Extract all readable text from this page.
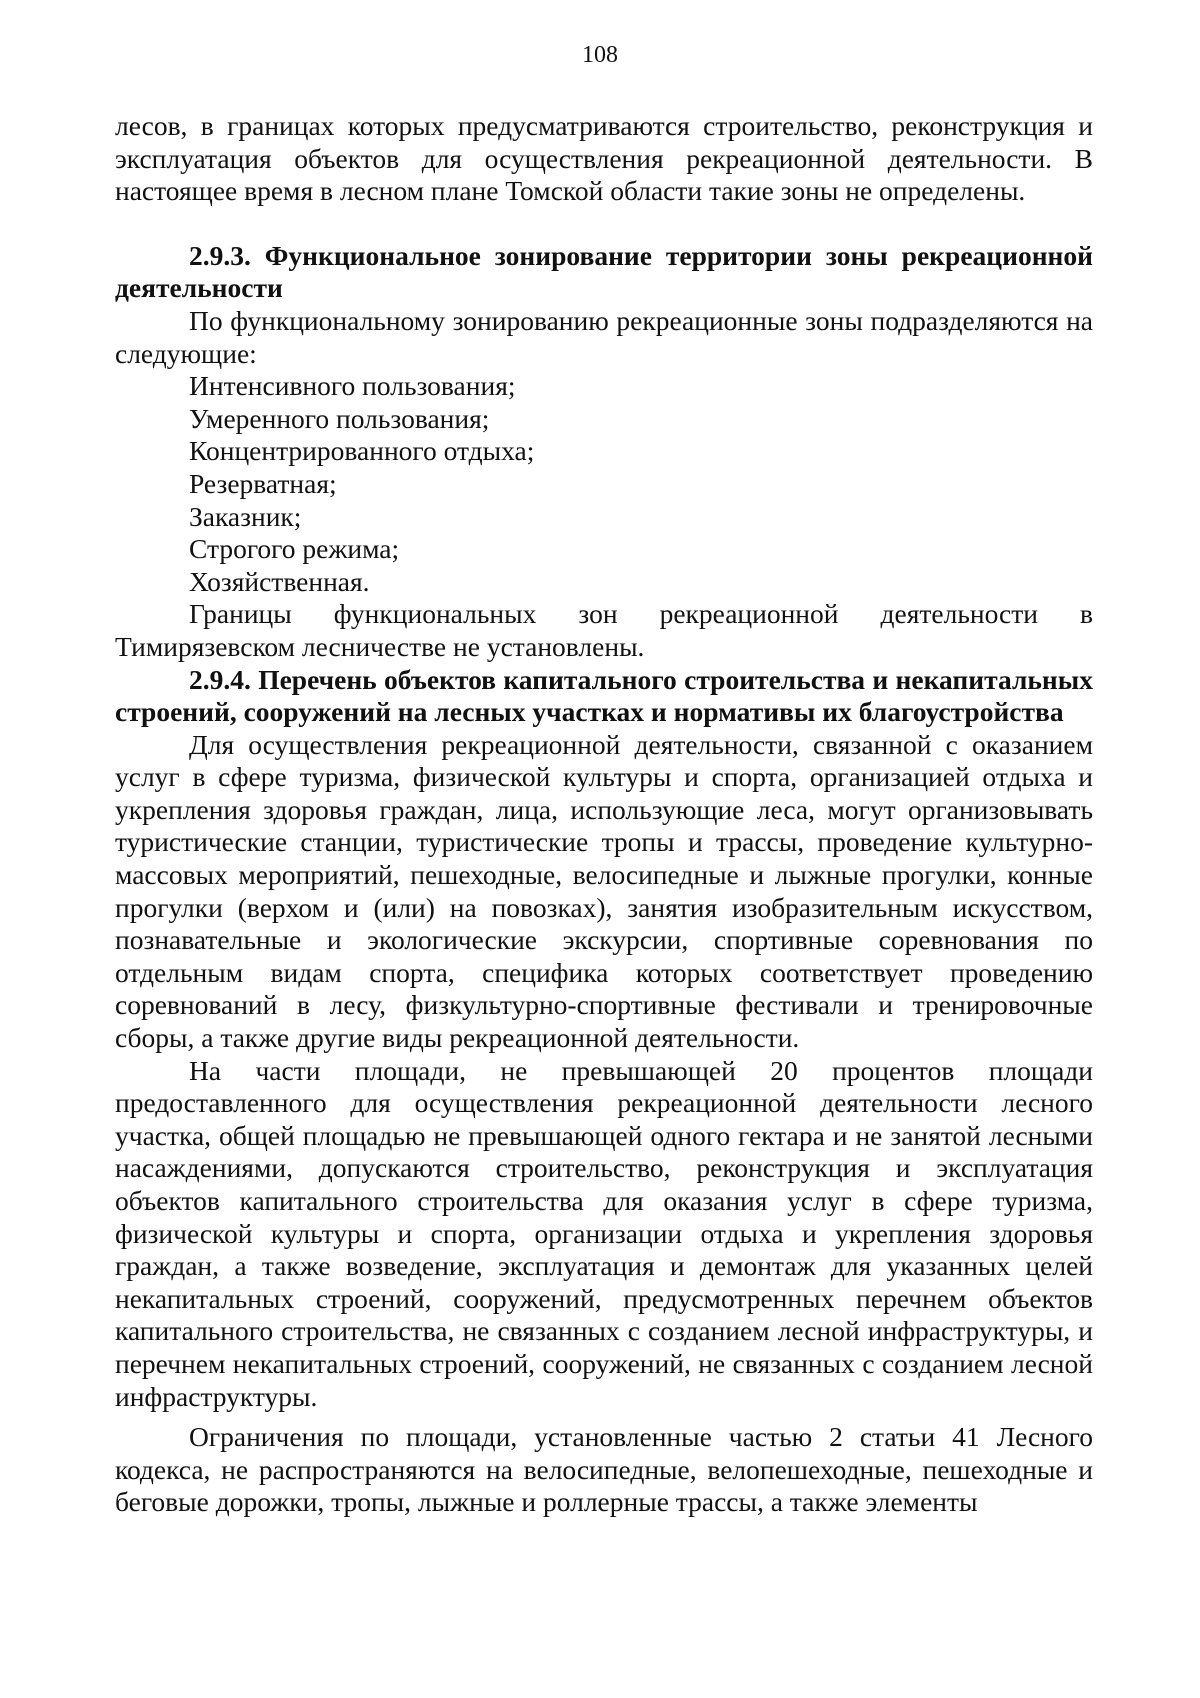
108

лесов, в границах которых предусматриваются строительство, реконструкция и эксплуатация объектов для осуществления рекреационной деятельности. В настоящее время в лесном плане Томской области такие зоны не определены.

2.9.3. Функциональное зонирование территории зоны рекреационной деятельности

По функциональному зонированию рекреационные зоны подразделяются на следующие:

Интенсивного пользования;
Умеренного пользования;
Концентрированного отдыха;
Резерватная;
Заказник;
Строгого режима;
Хозяйственная.

Границы функциональных зон рекреационной деятельности в Тимирязевском лесничестве не установлены.

2.9.4. Перечень объектов капитального строительства и некапитальных строений, сооружений на лесных участках и нормативы их благоустройства

Для осуществления рекреационной деятельности, связанной с оказанием услуг в сфере туризма, физической культуры и спорта, организацией отдыха и укрепления здоровья граждан, лица, использующие леса, могут организовывать туристические станции, туристические тропы и трассы, проведение культурно-массовых мероприятий, пешеходные, велосипедные и лыжные прогулки, конные прогулки (верхом и (или) на повозках), занятия изобразительным искусством, познавательные и экологические экскурсии, спортивные соревнования по отдельным видам спорта, специфика которых соответствует проведению соревнований в лесу, физкультурно-спортивные фестивали и тренировочные сборы, а также другие виды рекреационной деятельности.

На части площади, не превышающей 20 процентов площади предоставленного для осуществления рекреационной деятельности лесного участка, общей площадью не превышающей одного гектара и не занятой лесными насаждениями, допускаются строительство, реконструкция и эксплуатация объектов капитального строительства для оказания услуг в сфере туризма, физической культуры и спорта, организации отдыха и укрепления здоровья граждан, а также возведение, эксплуатация и демонтаж для указанных целей некапитальных строений, сооружений, предусмотренных перечнем объектов капитального строительства, не связанных с созданием лесной инфраструктуры, и перечнем некапитальных строений, сооружений, не связанных с созданием лесной инфраструктуры.

Ограничения по площади, установленные частью 2 статьи 41 Лесного кодекса, не распространяются на велосипедные, велопешеходные, пешеходные и беговые дорожки, тропы, лыжные и роллерные трассы, а также элементы
